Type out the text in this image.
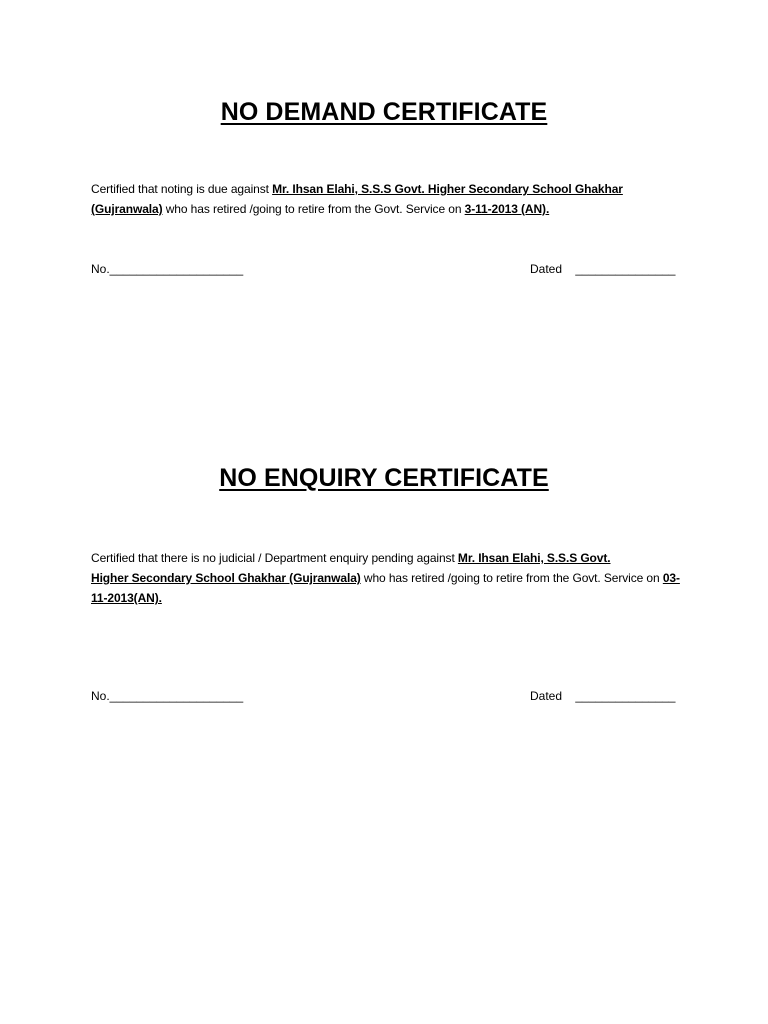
NO DEMAND CERTIFICATE

Certified that noting is due against Mr. Ihsan Elahi, S.S.S Govt. Higher Secondary School Ghakhar
(Gujranwala) who has retired /going to retire from the Govt. Service on 3-11-2013 (AN).

No.____________________	Dated    _______________
NO ENQUIRY CERTIFICATE

Certified that there is no judicial / Department enquiry pending against Mr. Ihsan Elahi, S.S.S Govt.
Higher Secondary School Ghakhar (Gujranwala) who has retired /going to retire from the Govt. Service on 03-11-2013(AN).

No.____________________	Dated    _______________
